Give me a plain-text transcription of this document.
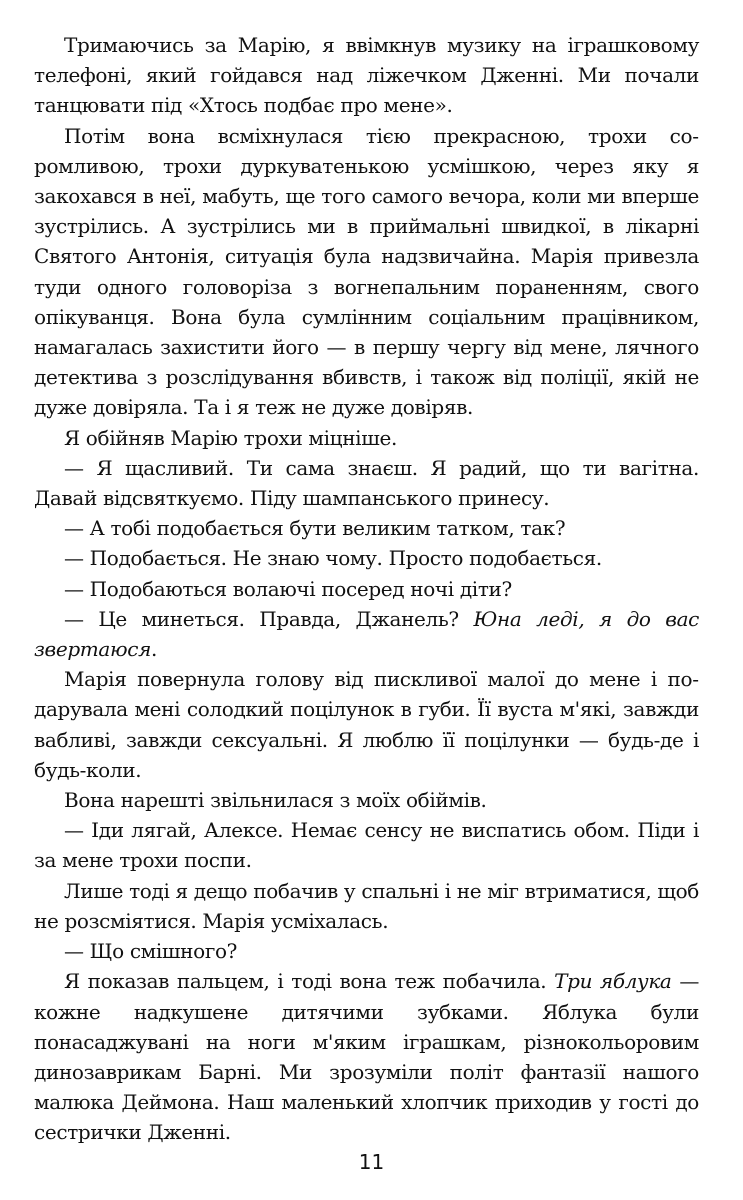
Тримаючись за Марію, я ввімкнув музику на іграшковому телефоні, який гойдався над ліжечком Дженні. Ми почали танцювати під «Хтось подбає про мене».

Потім вона всміхнулася тією прекрасною, трохи соромливою, трохи дуркуватенькою усмішкою, через яку я закохався в неї, мабуть, ще того самого вечора, коли ми вперше зустрілись. А зустрілись ми в приймальні швидкої, в лікарні Святого Антонія, ситуація була надзвичайна. Марія привезла туди одного головоріза з вогнепальним пораненням, свого опікуванця. Вона була сумлінним соціальним працівником, намагалась захистити його — в першу чергу від мене, лячного детектива з розслідування вбивств, і також від поліції, якій не дуже довіряла. Та і я теж не дуже довіряв.

Я обійняв Марію трохи міцніше.

— Я щасливий. Ти сама знаєш. Я радий, що ти вагітна. Давай відсвяткуємо. Піду шампанського принесу.

— А тобі подобається бути великим татком, так?

— Подобається. Не знаю чому. Просто подобається.

— Подобаються волаючі посеред ночі діти?

— Це минеться. Правда, Джанель? Юна леді, я до вас звертаюся.

Марія повернула голову від пискливої малої до мене і подарувала мені солодкий поцілунок в губи. Її вуста м'які, завжди вабливі, завжди сексуальні. Я люблю її поцілунки — будь-де і будь-коли.

Вона нарешті звільнилася з моїх обіймів.

— Іди лягай, Алексе. Немає сенсу не виспатись обом. Піди і за мене трохи поспи.

Лише тоді я дещо побачив у спальні і не міг втриматися, щоб не розсміятися. Марія усміхалась.

— Що смішного?

Я показав пальцем, і тоді вона теж побачила. Три яблука — кожне надкушене дитячими зубками. Яблука були понасаджувані на ноги м'яким іграшкам, різнокольоровим динозаврикам Барні. Ми зрозуміли політ фантазії нашого малюка Деймона. Наш маленький хлопчик приходив у гості до сестрички Дженні.

11
